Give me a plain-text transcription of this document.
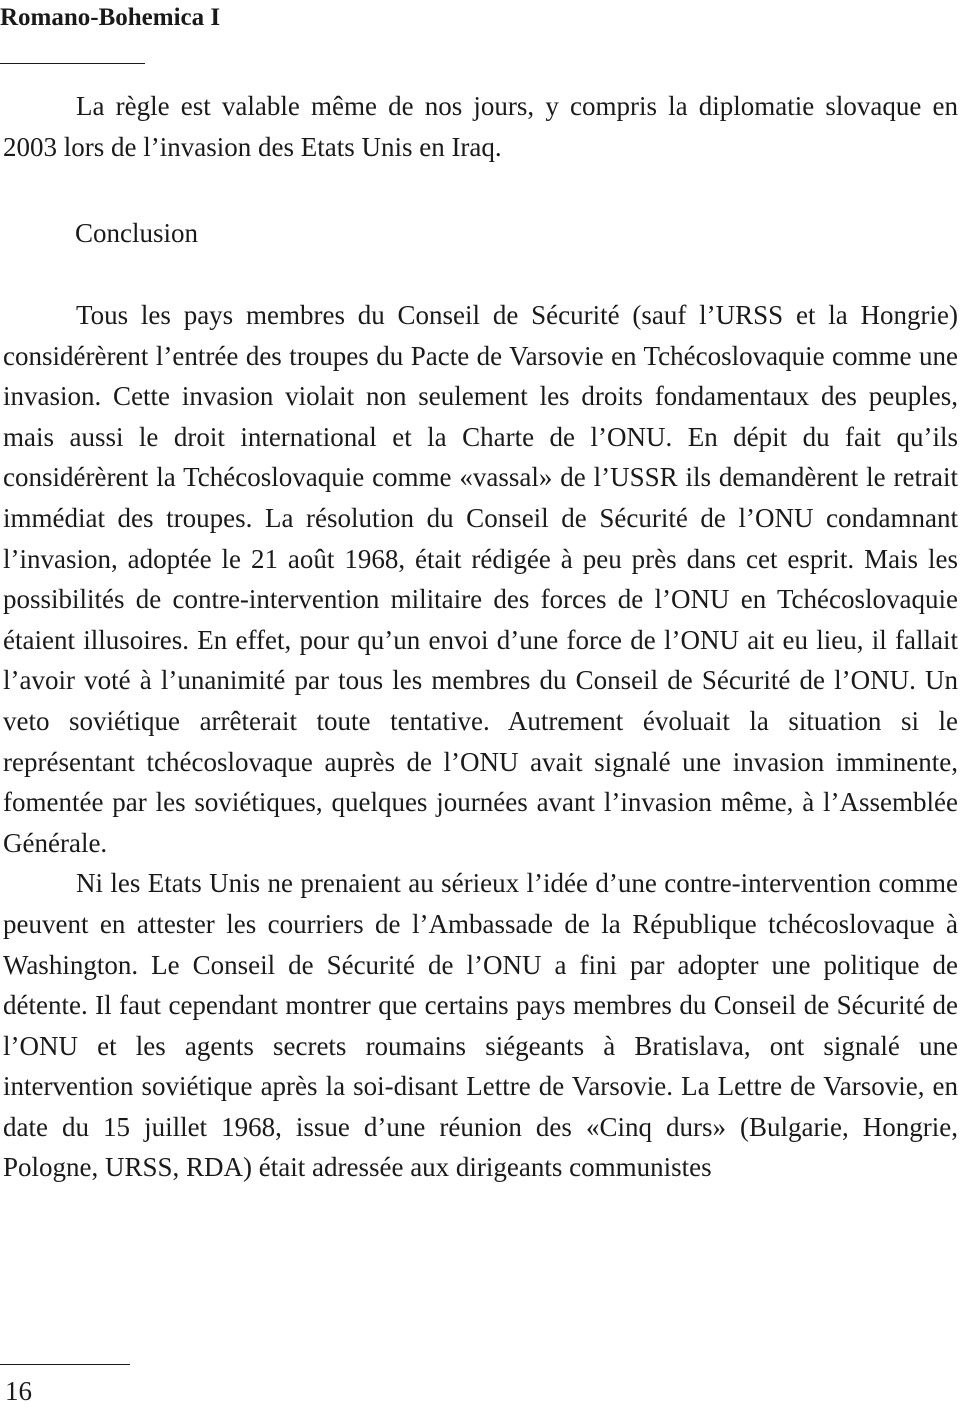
Romano-Bohemica I

La règle est valable même de nos jours, y compris la diplomatie slovaque en 2003 lors de l’invasion des Etats Unis en Iraq.

Conclusion

Tous les pays membres du Conseil de Sécurité (sauf l’URSS et la Hongrie) considérèrent l’entrée des troupes du Pacte de Varsovie en Tchécoslovaquie comme une invasion. Cette invasion violait non seulement les droits fondamentaux des peuples, mais aussi le droit international et la Charte de l’ONU. En dépit du fait qu’ils considérèrent la Tchécoslovaquie comme «vassal» de l’USSR ils demandèrent le retrait immédiat des troupes. La résolution du Conseil de Sécurité de l’ONU condamnant l’invasion, adoptée le 21 août 1968, était rédigée à peu près dans cet esprit. Mais les possibilités de contre-intervention militaire des forces de l’ONU en Tchécoslovaquie étaient illusoires. En effet, pour qu’un envoi d’une force de l’ONU ait eu lieu, il fallait l’avoir voté à l’unanimité par tous les membres du Conseil de Sécurité de l’ONU. Un veto soviétique arrêterait toute tentative. Autrement évoluait la situation si le représentant tchécoslovaque auprès de l’ONU avait signalé une invasion imminente, fomentée par les soviétiques, quelques journées avant l’invasion même, à l’Assemblée Générale.

Ni les Etats Unis ne prenaient au sérieux l’idée d’une contre-intervention comme peuvent en attester les courriers de l’Ambassade de la République tchécoslovaque à Washington. Le Conseil de Sécurité de l’ONU a fini par adopter une politique de détente. Il faut cependant montrer que certains pays membres du Conseil de Sécurité de l’ONU et les agents secrets roumains siégeants à Bratislava, ont signalé une intervention soviétique après la soi-disant Lettre de Varsovie. La Lettre de Varsovie, en date du 15 juillet 1968, issue d’une réunion des «Cinq durs» (Bulgarie, Hongrie, Pologne, URSS, RDA) était adressée aux dirigeants communistes

16
